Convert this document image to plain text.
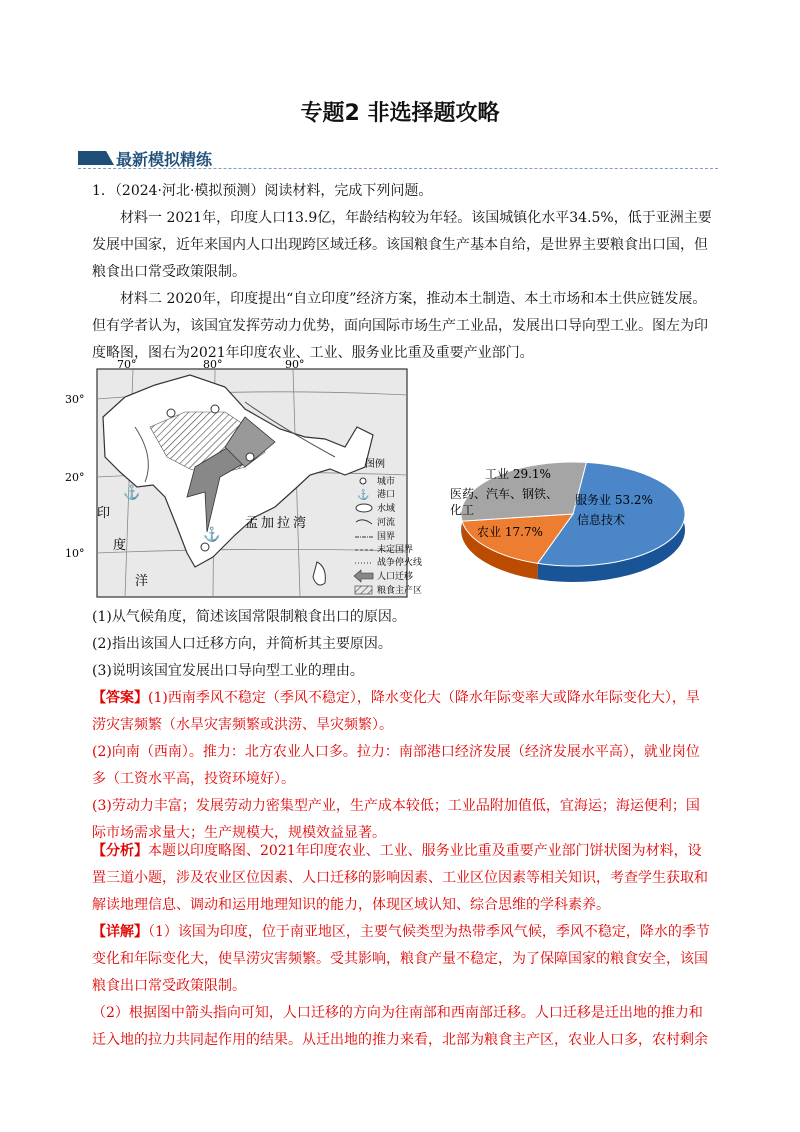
专题2 非选择题攻略
最新模拟精练

1．（2024·河北·模拟预测）阅读材料，完成下列问题。

材料一 2021年，印度人口13.9亿，年龄结构较为年轻。该国城镇化水平34.5%，低于亚洲主要发展中国家，近年来国内人口出现跨区域迁移。该国粮食生产基本自给，是世界主要粮食出口国，但粮食出口常受政策限制。

材料二 2020年，印度提出“自立印度”经济方案，推动本土制造、本土市场和本土供应链发展。但有学者认为，该国宜发挥劳动力优势，面向国际市场生产工业品，发展出口导向型工业。图左为印度略图，图右为2021年印度农业、工业、服务业比重及重要产业部门。

⚓
⚓
70°	80°	90°
30°
20°
10°
印
度
洋
孟加拉湾
图例
城市
⚓ 港口
水域
河流
国界
未定国界
战争停火线
人口迁移
粮食主产区
工业 29.1%
医药、汽车、钢铁、
化工
农业 17.7%
服务业 53.2%
信息技术

(1)从气候角度，简述该国常限制粮食出口的原因。

(2)指出该国人口迁移方向，并简析其主要原因。

(3)说明该国宜发展出口导向型工业的理由。

【答案】(1)西南季风不稳定（季风不稳定），降水变化大（降水年际变率大或降水年际变化大），旱涝灾害频繁（水旱灾害频繁或洪涝、旱灾频繁）。

(2)向南（西南）。推力：北方农业人口多。拉力：南部港口经济发展（经济发展水平高），就业岗位多（工资水平高，投资环境好）。

(3)劳动力丰富；发展劳动力密集型产业，生产成本较低；工业品附加值低，宜海运；海运便利；国际市场需求量大；生产规模大，规模效益显著。

【分析】本题以印度略图、2021年印度农业、工业、服务业比重及重要产业部门饼状图为材料，设置三道小题，涉及农业区位因素、人口迁移的影响因素、工业区位因素等相关知识，考查学生获取和解读地理信息、调动和运用地理知识的能力，体现区域认知、综合思维的学科素养。

【详解】（1）该国为印度，位于南亚地区，主要气候类型为热带季风气候，季风不稳定，降水的季节变化和年际变化大，使旱涝灾害频繁。受其影响，粮食产量不稳定，为了保障国家的粮食安全，该国粮食出口常受政策限制。

（2）根据图中箭头指向可知，人口迁移的方向为往南部和西南部迁移。人口迁移是迁出地的推力和迁入地的拉力共同起作用的结果。从迁出地的推力来看，北部为粮食主产区，农业人口多，农村剩余
